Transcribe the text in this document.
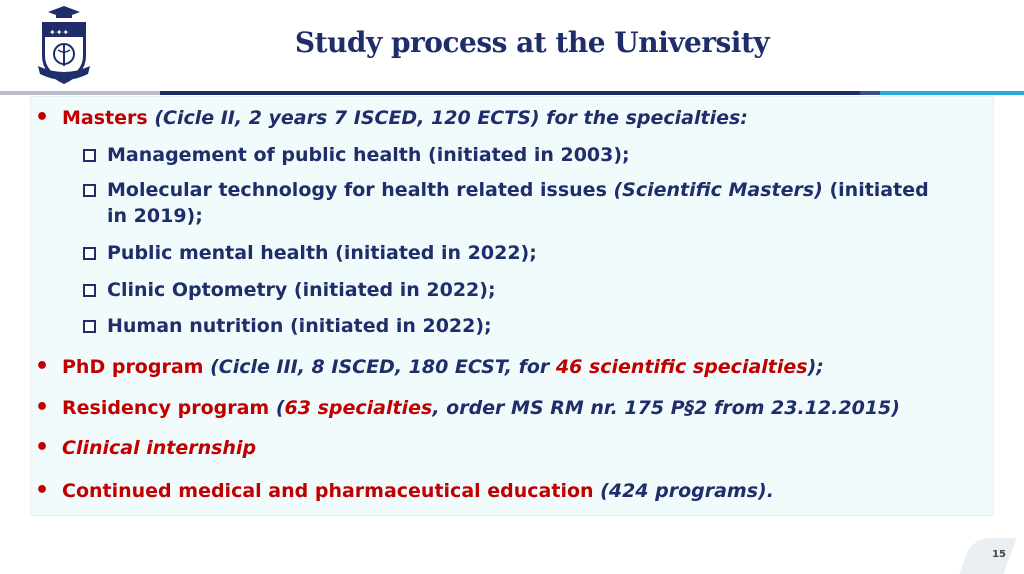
✦✦✦	Study process at the University
• Masters (Cicle II, 2 years 7 ISCED, 120 ECTS) for the specialties:
Management of public health (initiated in 2003);
Molecular technology for health related issues (Scientific Masters) (initiated
in 2019);
Public mental health (initiated in 2022);
Clinic Optometry (initiated in 2022);
Human nutrition (initiated in 2022);
• PhD program (Cicle III, 8 ISCED, 180 ECST, for 46 scientific specialties);
• Residency program (63 specialties, order MS RM nr. 175 P§2 from 23.12.2015)
• Clinical internship
• Continued medical and pharmaceutical education (424 programs).
15
